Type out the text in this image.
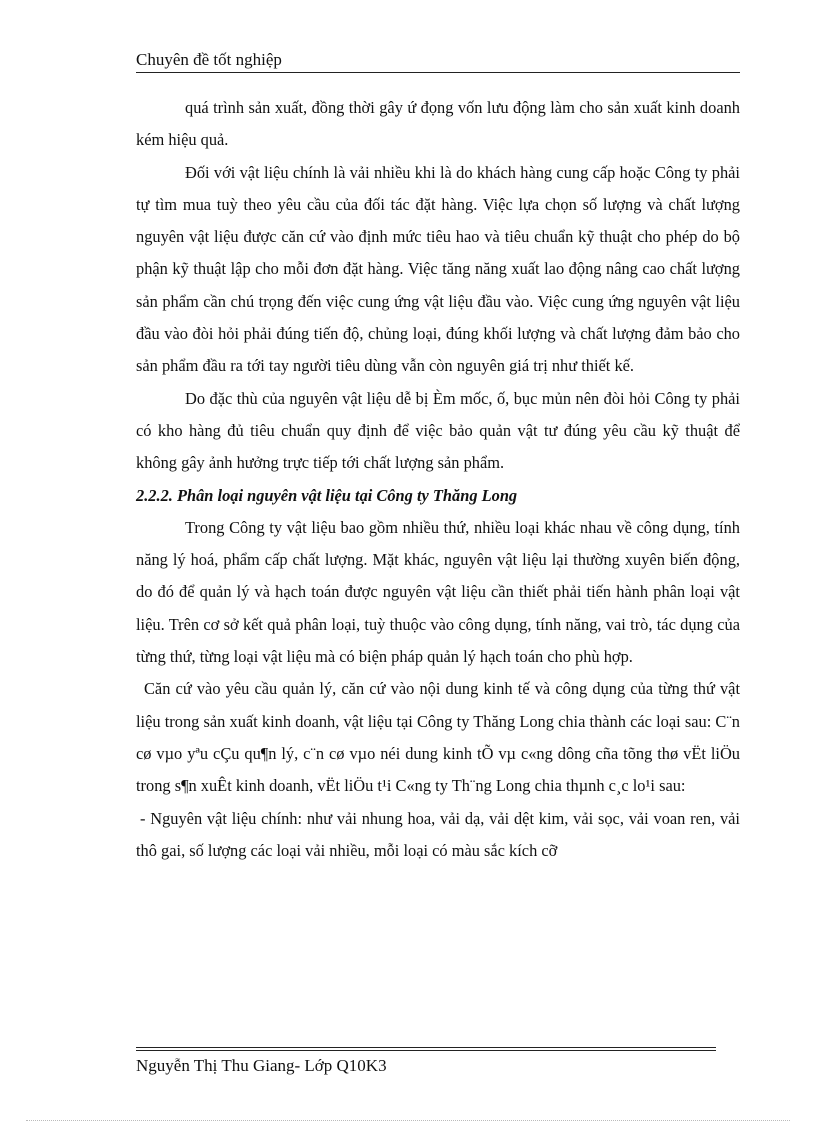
Chuyên đề tốt nghiệp

quá trình sản xuất, đồng thời gây ứ đọng vốn lưu động làm cho sản xuất kinh doanh kém hiệu quả.

Đối với vật liệu chính là vải nhiều khi là do khách hàng cung cấp hoặc Công ty phải tự tìm mua tuỳ theo yêu cầu của đối tác đặt hàng. Việc lựa chọn số lượng và chất lượng nguyên vật liệu được căn cứ vào định mức tiêu hao và tiêu chuẩn kỹ thuật cho phép do bộ phận kỹ thuật lập cho mỗi đơn đặt hàng. Việc tăng năng xuất lao động nâng cao chất lượng sản phẩm cần chú trọng đến việc cung ứng vật liệu đầu vào. Việc cung ứng nguyên vật liệu đầu vào đòi hỏi phải đúng tiến độ, chủng loại, đúng khối lượng và chất lượng đảm bảo cho sản phẩm đầu ra tới tay người tiêu dùng vẫn còn nguyên giá trị như thiết kế.

Do đặc thù của nguyên vật liệu dễ bị Èm mốc, ố, bục mủn nên đòi hỏi Công ty phải có kho hàng đủ tiêu chuẩn quy định để việc bảo quản vật tư đúng yêu cầu kỹ thuật để không gây ảnh hưởng trực tiếp tới chất lượng sản phẩm.

2.2.2. Phân loại nguyên vật liệu tại Công ty Thăng Long

Trong Công ty vật liệu bao gồm nhiều thứ, nhiều loại khác nhau về công dụng, tính năng lý hoá, phẩm cấp chất lượng. Mặt khác, nguyên vật liệu lại thường xuyên biến động, do đó để quản lý và hạch toán được nguyên vật liệu cần thiết phải tiến hành phân loại vật liệu. Trên cơ sở kết quả phân loại, tuỳ thuộc vào công dụng, tính năng, vai trò, tác dụng của từng thứ, từng loại vật liệu mà có biện pháp quản lý hạch toán cho phù hợp.

Căn cứ vào yêu cầu quản lý, căn cứ vào nội dung kinh tế và công dụng của từng thứ vật liệu trong sản xuất kinh doanh, vật liệu tại Công ty Thăng Long chia thành các loại sau: C¨n cø vµo yªu cÇu qu¶n lý, c¨n cø vµo néi dung kinh tÕ vµ c«ng dông cña tõng thø vËt liÖu trong s¶n xuÊt kinh doanh, vËt liÖu t¹i C«ng ty Th¨ng Long chia thµnh c¸c lo¹i sau:

- Nguyên vật liệu chính: như vải nhung hoa, vải dạ, vải dệt kim, vải sọc, vải voan ren, vải thô gai, số lượng các loại vải nhiều, mỗi loại có màu sắc kích cỡ

Nguyễn Thị Thu Giang- Lớp Q10K3
